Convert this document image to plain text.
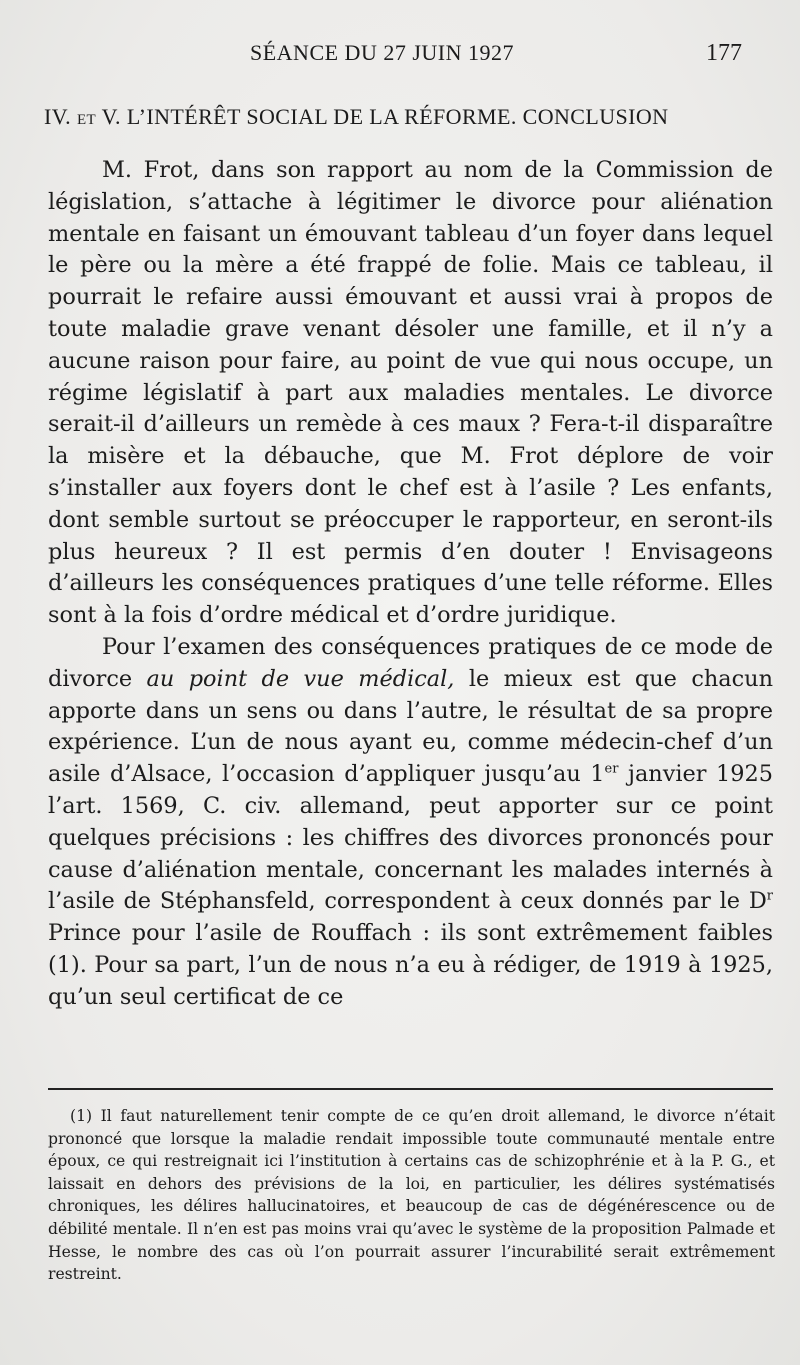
SÉANCE DU 27 JUIN 1927	177
IV. et V. L’INTÉRÊT SOCIAL DE LA RÉFORME. CONCLUSION

M. Frot, dans son rapport au nom de la Commission de législation, s’attache à légitimer le divorce pour aliénation mentale en faisant un émouvant tableau d’un foyer dans lequel le père ou la mère a été frappé de folie. Mais ce tableau, il pourrait le refaire aussi émouvant et aussi vrai à propos de toute maladie grave venant désoler une famille, et il n’y a aucune raison pour faire, au point de vue qui nous occupe, un régime législatif à part aux maladies mentales. Le divorce serait-il d’ailleurs un remède à ces maux ? Fera-t-il disparaître la misère et la débauche, que M. Frot déplore de voir s’installer aux foyers dont le chef est à l’asile ? Les enfants, dont semble surtout se préoccuper le rapporteur, en seront-ils plus heureux ? Il est permis d’en douter ! Envisageons d’ailleurs les conséquences pratiques d’une telle réforme. Elles sont à la fois d’ordre médical et d’ordre juridique.

Pour l’examen des conséquences pratiques de ce mode de divorce au point de vue médical, le mieux est que chacun apporte dans un sens ou dans l’autre, le résultat de sa propre expérience. L’un de nous ayant eu, comme médecin-chef d’un asile d’Alsace, l’occasion d’appliquer jusqu’au 1er janvier 1925 l’art. 1569, C. civ. allemand, peut apporter sur ce point quelques précisions : les chiffres des divorces prononcés pour cause d’aliénation mentale, concernant les malades internés à l’asile de Stéphansfeld, correspondent à ceux donnés par le $D^r$ Prince pour l’asile de Rouffach : ils sont extrêmement faibles (1). Pour sa part, l’un de nous n’a eu à rédiger, de 1919 à 1925, qu’un seul certificat de ce

(1) Il faut naturellement tenir compte de ce qu’en droit allemand, le divorce n’était prononcé que lorsque la maladie rendait impossible toute communauté mentale entre époux, ce qui restreignait ici l’institution à certains cas de schizophrénie et à la P. G., et laissait en dehors des prévisions de la loi, en particulier, les délires systématisés chroniques, les délires hallucinatoires, et beaucoup de cas de dégénérescence ou de débilité mentale. Il n’en est pas moins vrai qu’avec le système de la proposition Palmade et Hesse, le nombre des cas où l’on pourrait assurer l’incurabilité serait extrêmement restreint.
